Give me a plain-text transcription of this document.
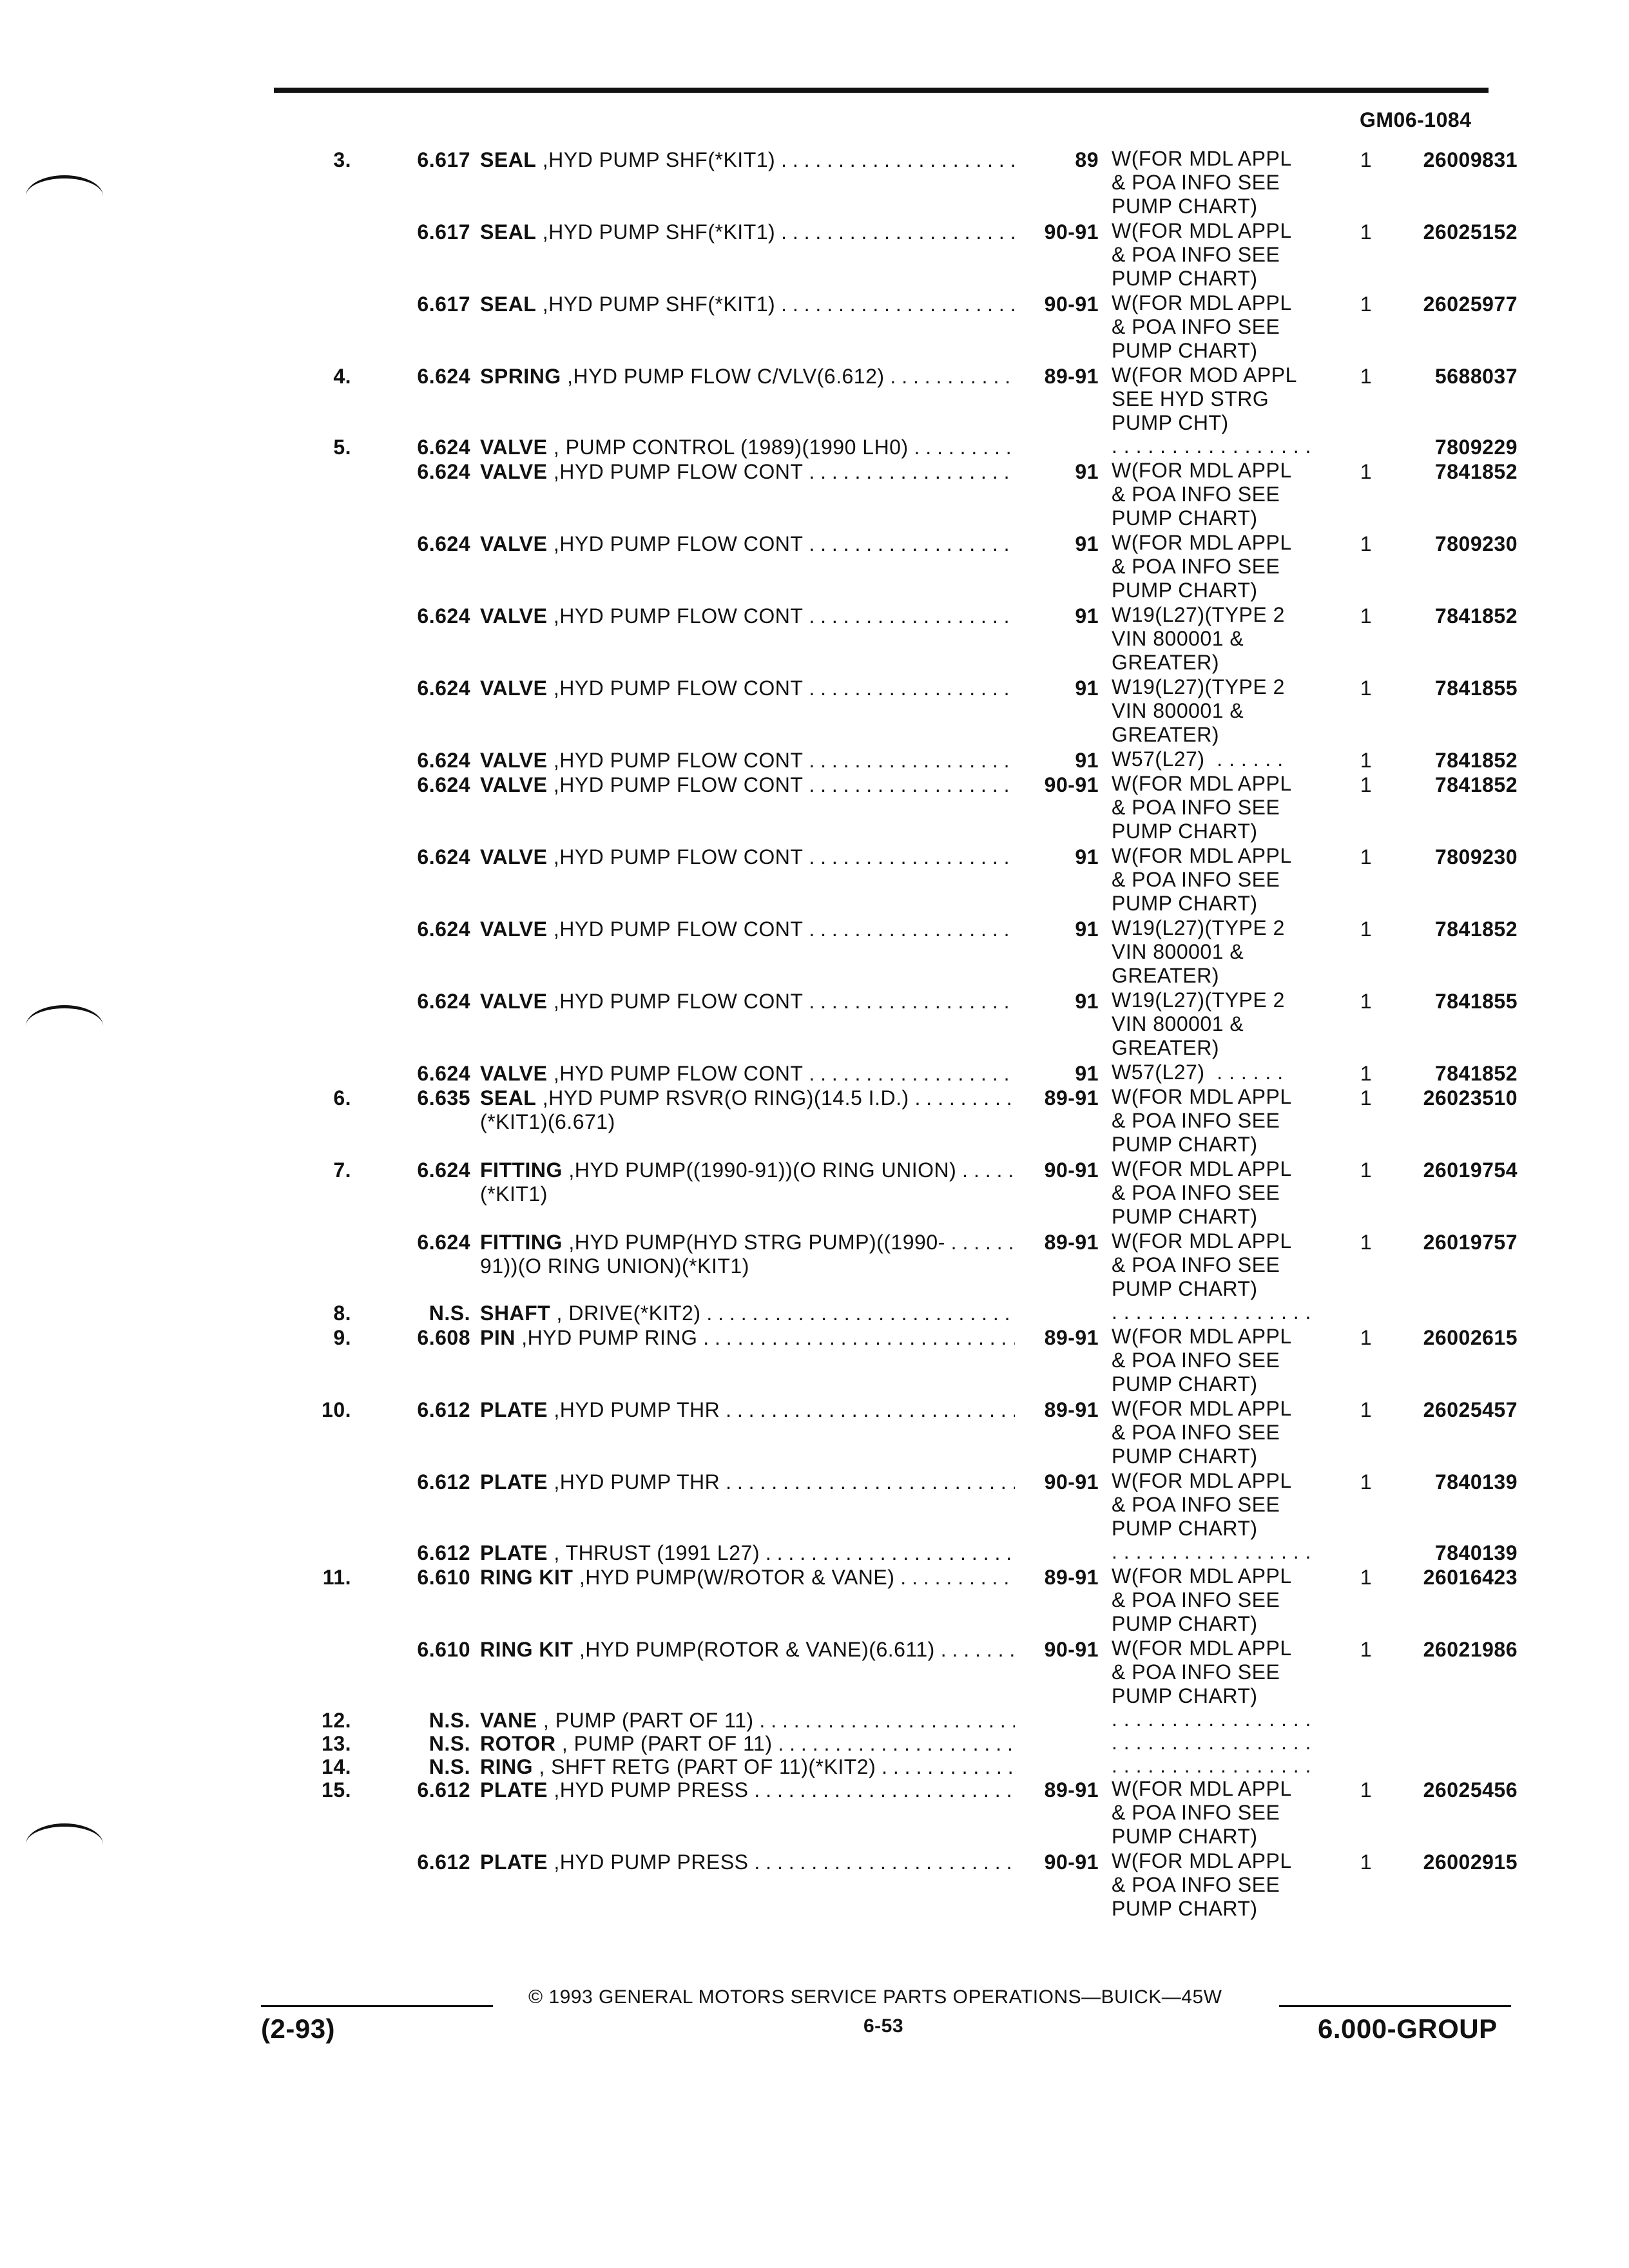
GM06-1084
3.	6.617 SEAL ,HYD PUMP SHF(*KIT1) . . .	89 W(FOR MDL APPL
& POA INFO SEE
PUMP CHART)
1	26009831
6.617 SEAL ,HYD PUMP SHF(*KIT1) . . .	90-91 W(FOR MDL APPL
& POA INFO SEE
PUMP CHART)
1	26025152
6.617 SEAL ,HYD PUMP SHF(*KIT1) . . .	90-91 W(FOR MDL APPL
& POA INFO SEE
PUMP CHART)
1	26025977
4.	6.624 SPRING ,HYD PUMP FLOW C/VLV(6.612) . . .	89-91 W(FOR MOD APPL
SEE HYD STRG
PUMP CHT)
1	5688037
5.	6.624 VALVE , PUMP CONTROL (1989)(1990 LH0) . . .	. . . . . . . . . . . . . . . . .	7809229
6.624 VALVE ,HYD PUMP FLOW CONT . . .	91 W(FOR MDL APPL
& POA INFO SEE
PUMP CHART)
1	7841852
6.624 VALVE ,HYD PUMP FLOW CONT . . .	91 W(FOR MDL APPL
& POA INFO SEE
PUMP CHART)
1	7809230
6.624 VALVE ,HYD PUMP FLOW CONT . . .	91 W19(L27)(TYPE 2
VIN 800001 &
GREATER)
1	7841852
6.624 VALVE ,HYD PUMP FLOW CONT . . .	91 W19(L27)(TYPE 2
VIN 800001 &
GREATER)
1	7841855
6.624 VALVE ,HYD PUMP FLOW CONT . . .	91 W57(L27)  . . . . . .	1	7841852
6.624 VALVE ,HYD PUMP FLOW CONT . . .	90-91 W(FOR MDL APPL
& POA INFO SEE
PUMP CHART)
1	7841852
6.624 VALVE ,HYD PUMP FLOW CONT . . .	91 W(FOR MDL APPL
& POA INFO SEE
PUMP CHART)
1	7809230
6.624 VALVE ,HYD PUMP FLOW CONT . . .	91 W19(L27)(TYPE 2
VIN 800001 &
GREATER)
1	7841852
6.624 VALVE ,HYD PUMP FLOW CONT . . .	91 W19(L27)(TYPE 2
VIN 800001 &
GREATER)
1	7841855
6.624 VALVE ,HYD PUMP FLOW CONT . . .	91 W57(L27)  . . . . . .	1	7841852
6.	6.635 SEAL ,HYD PUMP RSVR(O RING)(14.5 I.D.) . . .
(*KIT1)(6.671)
89-91 W(FOR MDL APPL
& POA INFO SEE
PUMP CHART)
1	26023510
7.	6.624 FITTING ,HYD PUMP((1990-91))(O RING UNION) . . .
(*KIT1)
90-91 W(FOR MDL APPL
& POA INFO SEE
PUMP CHART)
1	26019754
6.624 FITTING ,HYD PUMP(HYD STRG PUMP)((1990- . . .
91))(O RING UNION)(*KIT1)
89-91 W(FOR MDL APPL
& POA INFO SEE
PUMP CHART)
1	26019757
8.	N.S. SHAFT , DRIVE(*KIT2) . . .	. . . . . . . . . . . . . . . . .
9.	6.608 PIN ,HYD PUMP RING . . .	89-91 W(FOR MDL APPL
& POA INFO SEE
PUMP CHART)
1	26002615
10.	6.612 PLATE ,HYD PUMP THR . . .	89-91 W(FOR MDL APPL
& POA INFO SEE
PUMP CHART)
1	26025457
6.612 PLATE ,HYD PUMP THR . . .	90-91 W(FOR MDL APPL
& POA INFO SEE
PUMP CHART)
1	7840139
6.612 PLATE , THRUST (1991 L27) . . .	. . . . . . . . . . . . . . . . .	7840139
11.	6.610 RING KIT ,HYD PUMP(W/ROTOR & VANE) . . .	89-91 W(FOR MDL APPL
& POA INFO SEE
PUMP CHART)
1	26016423
6.610 RING KIT ,HYD PUMP(ROTOR & VANE)(6.611) . . .	90-91 W(FOR MDL APPL
& POA INFO SEE
PUMP CHART)
1	26021986
12.	N.S. VANE , PUMP (PART OF 11) . . .	. . . . . . . . . . . . . . . . .
13.	N.S. ROTOR , PUMP (PART OF 11) . . .	. . . . . . . . . . . . . . . . .
14.	N.S. RING , SHFT RETG (PART OF 11)(*KIT2) . . .	. . . . . . . . . . . . . . . . .
15.	6.612 PLATE ,HYD PUMP PRESS . . .	89-91 W(FOR MDL APPL
& POA INFO SEE
PUMP CHART)
1	26025456
6.612 PLATE ,HYD PUMP PRESS . . .	90-91 W(FOR MDL APPL
& POA INFO SEE
PUMP CHART)
1	26002915
© 1993 GENERAL MOTORS SERVICE PARTS OPERATIONS—BUICK—45W
(2-93)	6-53	6.000-GROUP
